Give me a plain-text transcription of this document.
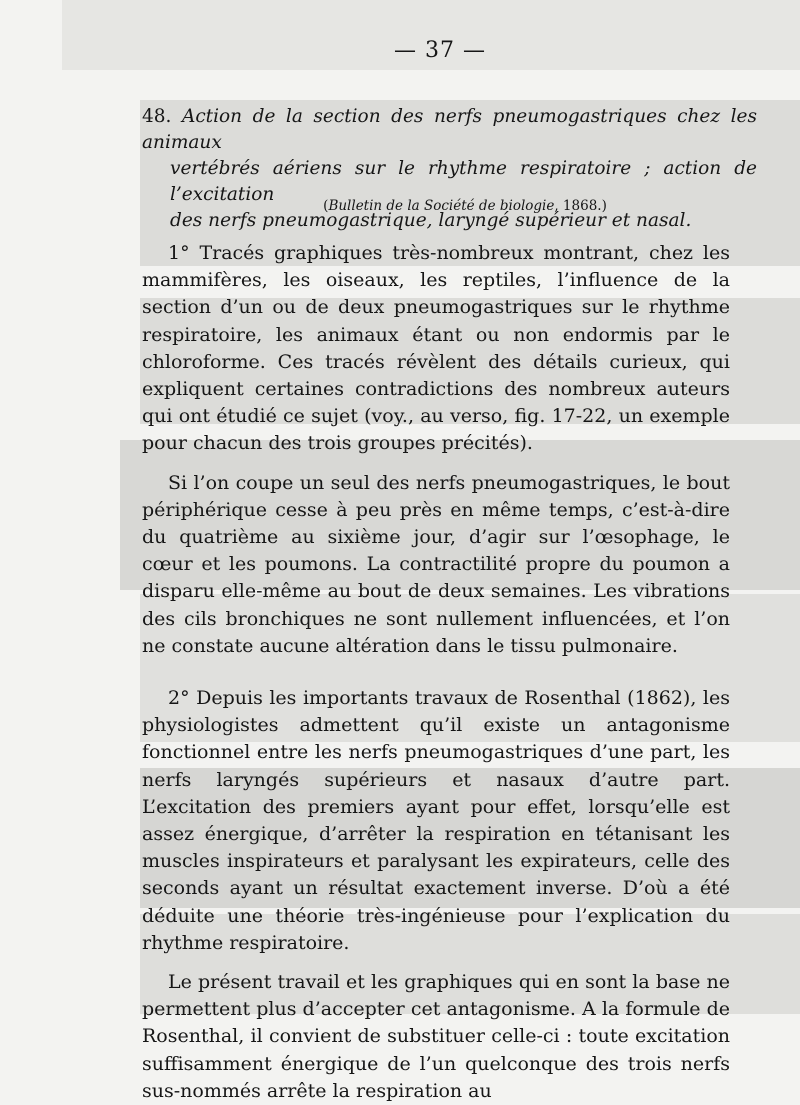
— 37 —
48. Action de la section des nerfs pneumogastriques chez les animaux
vertébrés aériens sur le rhythme respiratoire ; action de l’excitation
des nerfs pneumogastrique, laryngé supérieur et nasal.
(Bulletin de la Société de biologie, 1868.)

1° Tracés graphiques très-nombreux montrant, chez les mammifères, les oiseaux, les reptiles, l’influence de la section d’un ou de deux pneumogastriques sur le rhythme respiratoire, les animaux étant ou non endormis par le chloroforme. Ces tracés révèlent des détails curieux, qui expliquent certaines contradictions des nombreux auteurs qui ont étudié ce sujet (voy., au verso, fig. 17-22, un exemple pour chacun des trois groupes précités).

Si l’on coupe un seul des nerfs pneumogastriques, le bout périphérique cesse à peu près en même temps, c’est-à-dire du quatrième au sixième jour, d’agir sur l’œsophage, le cœur et les poumons. La contractilité propre du poumon a disparu elle-même au bout de deux semaines. Les vibrations des cils bronchiques ne sont nullement influencées, et l’on ne constate aucune altération dans le tissu pulmonaire.

2° Depuis les importants travaux de Rosenthal (1862), les physiologistes admettent qu’il existe un antagonisme fonctionnel entre les nerfs pneumogastriques d’une part, les nerfs laryngés supérieurs et nasaux d’autre part. L’excitation des premiers ayant pour effet, lorsqu’elle est assez énergique, d’arrêter la respiration en tétanisant les muscles inspirateurs et paralysant les expirateurs, celle des seconds ayant un résultat exactement inverse. D’où a été déduite une théorie très-ingénieuse pour l’explication du rhythme respiratoire.

Le présent travail et les graphiques qui en sont la base ne permettent plus d’accepter cet antagonisme. A la formule de Rosenthal, il convient de substituer celle-ci : toute excitation suffisamment énergique de l’un quelconque des trois nerfs sus-nommés arrête la respiration au
